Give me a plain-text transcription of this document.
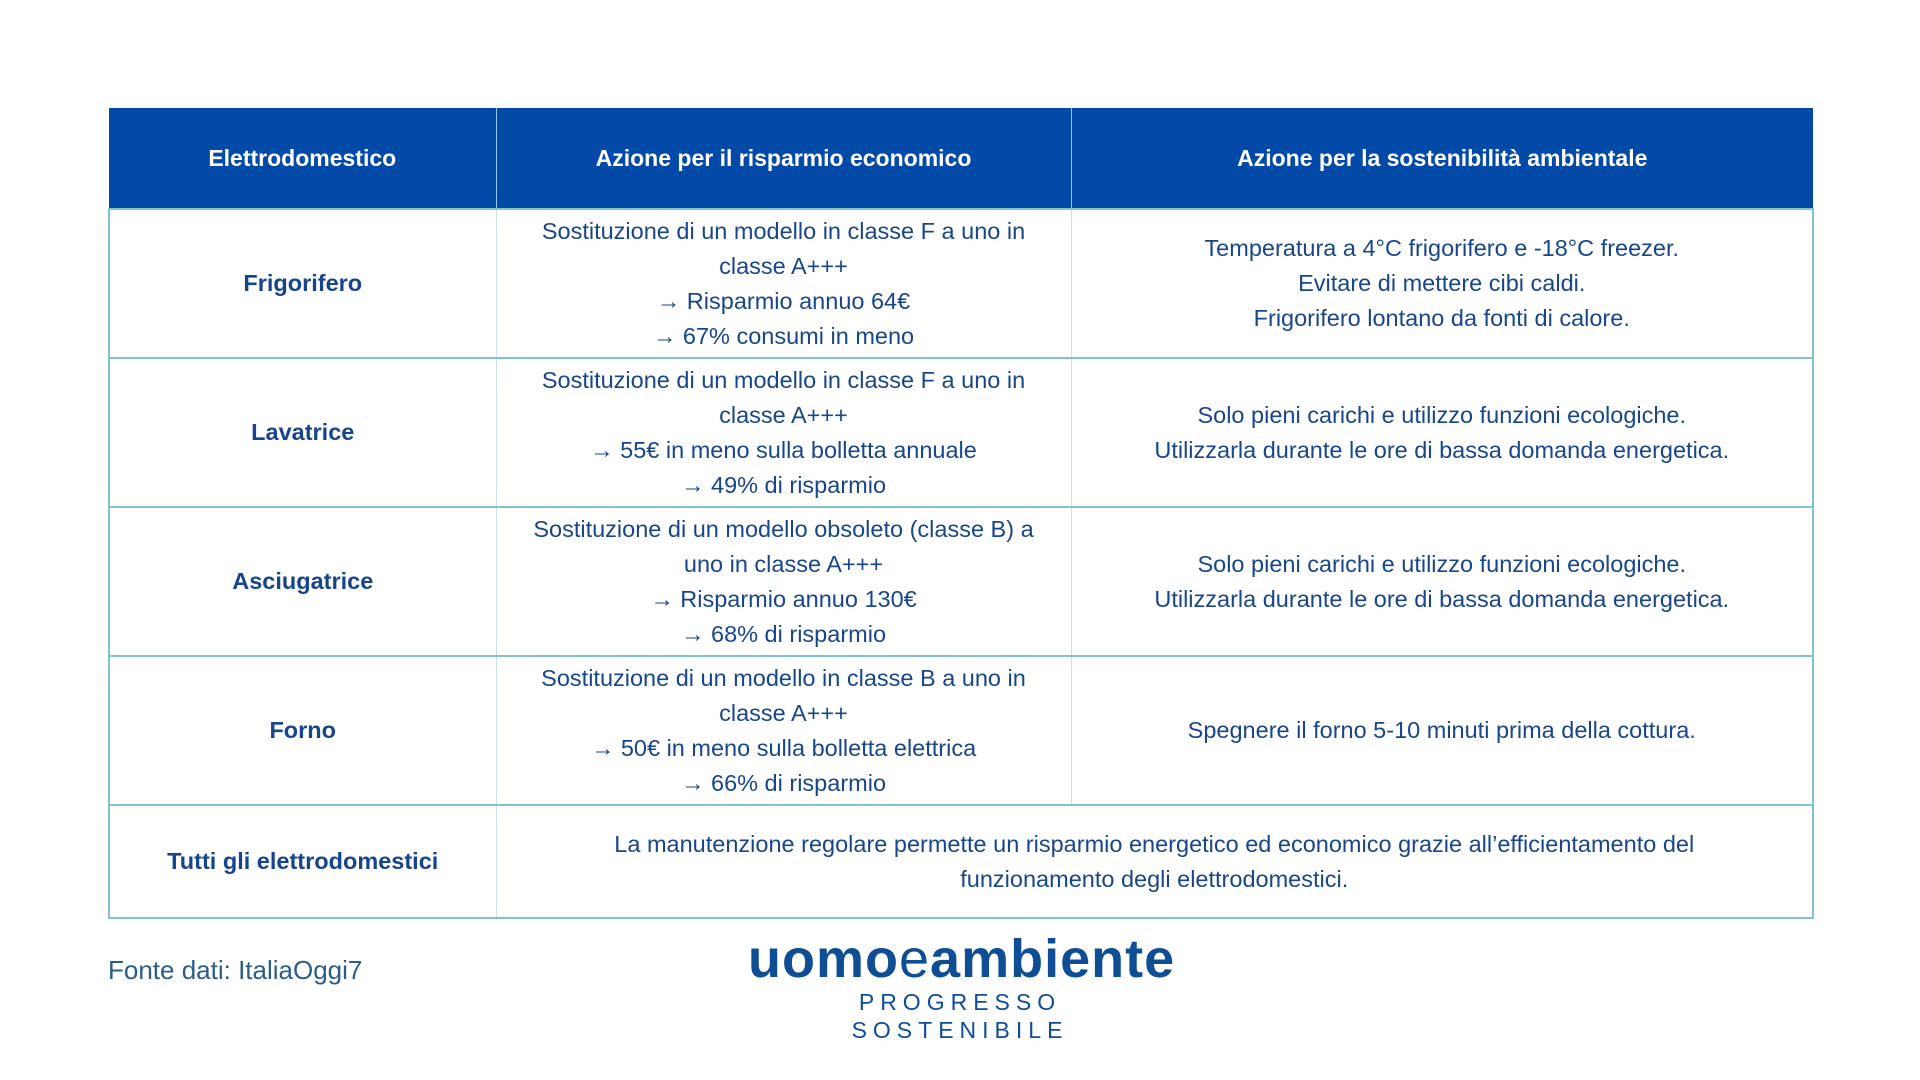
Elettrodomestico	Azione per il risparmio economico	Azione per la sostenibilità ambientale
Frigorifero	Sostituzione di un modello in classe F a uno in classe A+++
→ Risparmio annuo 64€
→ 67% consumi in meno	Temperatura a 4°C frigorifero e -18°C freezer.
Evitare di mettere cibi caldi.
Frigorifero lontano da fonti di calore.

Lavatrice	Sostituzione di un modello in classe F a uno in classe A+++
→ 55€ in meno sulla bolletta annuale
→ 49% di risparmio	Solo pieni carichi e utilizzo funzioni ecologiche.
Utilizzarla durante le ore di bassa domanda energetica.

Asciugatrice	Sostituzione di un modello obsoleto (classe B) a uno in classe A+++
→ Risparmio annuo 130€
→ 68% di risparmio	Solo pieni carichi e utilizzo funzioni ecologiche.
Utilizzarla durante le ore di bassa domanda energetica.

Forno	Sostituzione di un modello in classe B a uno in classe A+++
→ 50€ in meno sulla bolletta elettrica
→ 66% di risparmio	Spegnere il forno 5-10 minuti prima della cottura.

Tutti gli elettrodomestici	La manutenzione regolare permette un risparmio energetico ed economico grazie all’efficientamento del funzionamento degli elettrodomestici.	
Fonte dati: ItaliaOggi7	uomoeambiente
PROGRESSO SOSTENIBILE
